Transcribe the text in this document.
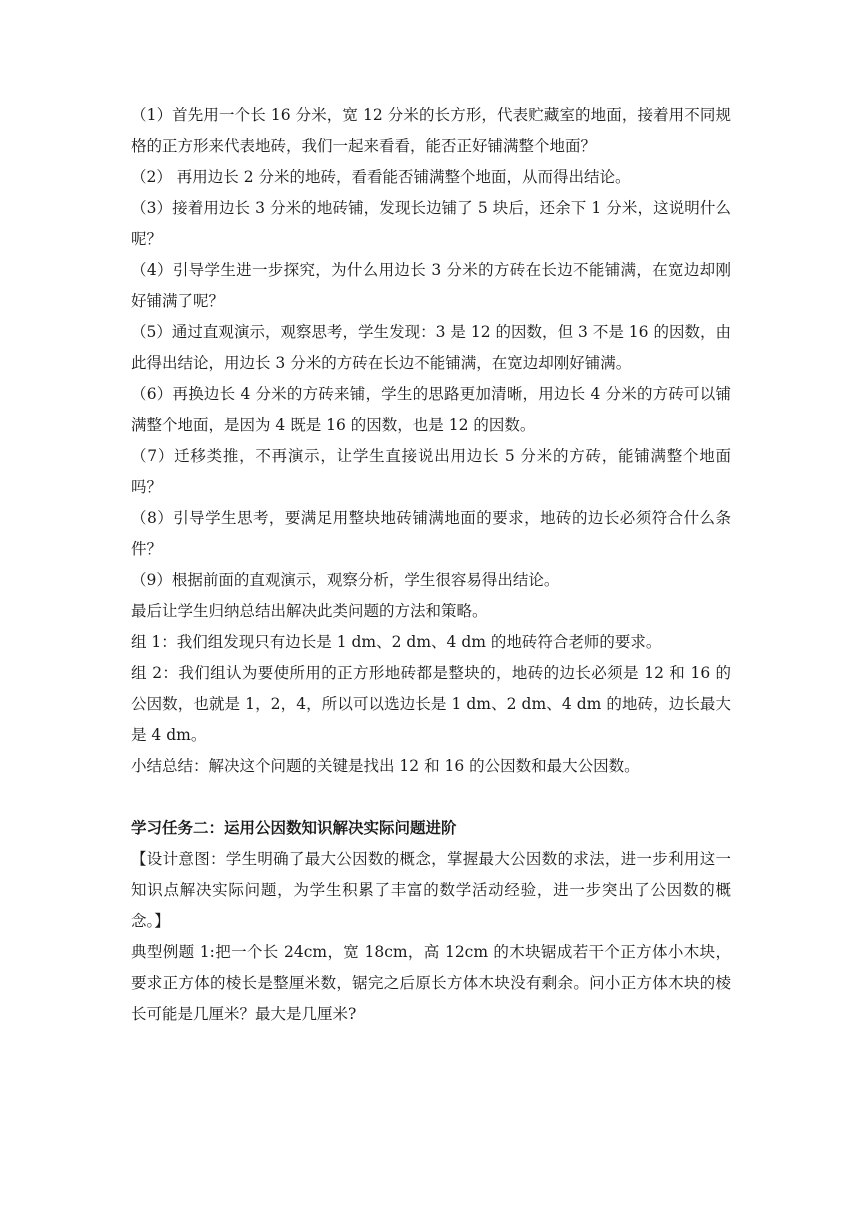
（1）首先用一个长 16 分米，宽 12 分米的长方形，代表贮藏室的地面，接着用不同规格的正方形来代表地砖，我们一起来看看，能否正好铺满整个地面？

（2） 再用边长 2 分米的地砖，看看能否铺满整个地面，从而得出结论。

（3）接着用边长 3 分米的地砖铺，发现长边铺了 5 块后，还余下 1 分米，这说明什么呢？

（4）引导学生进一步探究，为什么用边长 3 分米的方砖在长边不能铺满，在宽边却刚好铺满了呢？

（5）通过直观演示，观察思考，学生发现：3 是 12 的因数，但 3 不是 16 的因数，由此得出结论，用边长 3 分米的方砖在长边不能铺满，在宽边却刚好铺满。

（6）再换边长 4 分米的方砖来铺，学生的思路更加清晰，用边长 4 分米的方砖可以铺满整个地面，是因为 4 既是 16 的因数，也是 12 的因数。

（7）迁移类推，不再演示，让学生直接说出用边长 5 分米的方砖，能铺满整个地面吗？

（8）引导学生思考，要满足用整块地砖铺满地面的要求，地砖的边长必须符合什么条件？

（9）根据前面的直观演示，观察分析，学生很容易得出结论。

最后让学生归纳总结出解决此类问题的方法和策略。

组 1：我们组发现只有边长是 1 dm、2 dm、4 dm 的地砖符合老师的要求。

组 2：我们组认为要使所用的正方形地砖都是整块的，地砖的边长必须是 12 和 16 的公因数，也就是 1，2，4，所以可以选边长是 1 dm、2 dm、4 dm 的地砖，边长最大是 4 dm。

小结总结：解决这个问题的关键是找出 12 和 16 的公因数和最大公因数。

学习任务二：运用公因数知识解决实际问题进阶

【设计意图：学生明确了最大公因数的概念，掌握最大公因数的求法，进一步利用这一知识点解决实际问题，为学生积累了丰富的数学活动经验，进一步突出了公因数的概念。】

典型例题 1:把一个长 24cm，宽 18cm，高 12cm 的木块锯成若干个正方体小木块，要求正方体的棱长是整厘米数，锯完之后原长方体木块没有剩余。问小正方体木块的棱长可能是几厘米？最大是几厘米?
